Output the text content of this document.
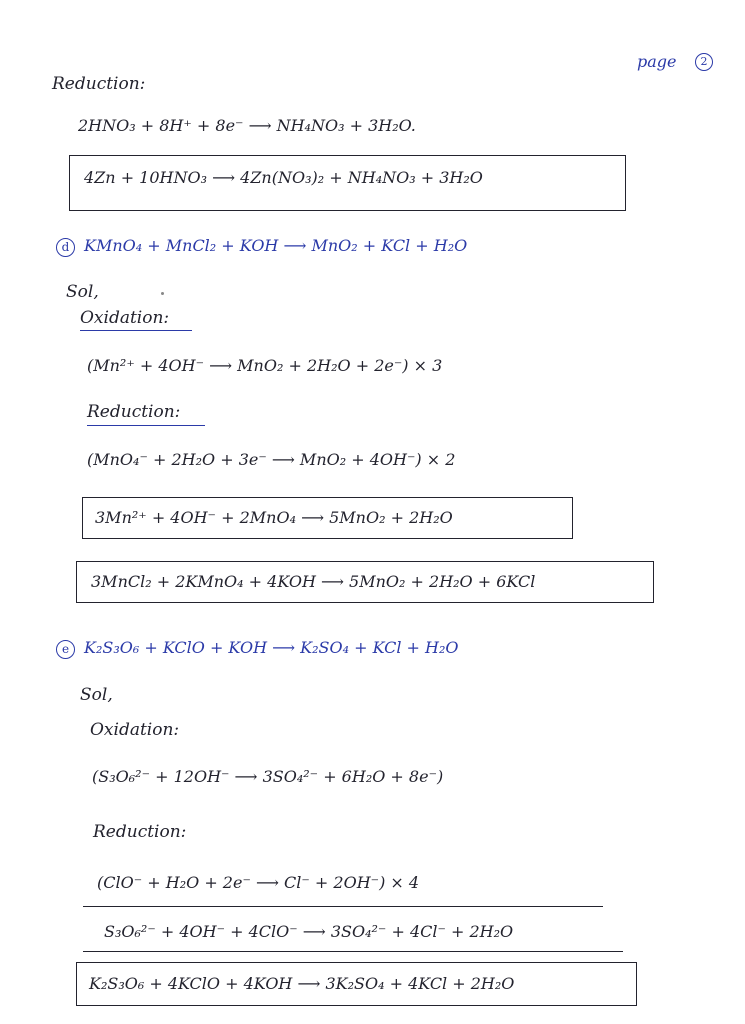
page	2
Reduction:
2HNO₃ + 8H⁺ + 8e⁻ ⟶ NH₄NO₃ + 3H₂O.
4Zn + 10HNO₃ ⟶ 4Zn(NO₃)₂ + NH₄NO₃ + 3H₂O
d KMnO₄ + MnCl₂ + KOH ⟶ MnO₂ + KCl + H₂O
Sol,
Oxidation:
(Mn²⁺ + 4OH⁻ ⟶ MnO₂ + 2H₂O + 2e⁻) × 3
Reduction:
(MnO₄⁻ + 2H₂O + 3e⁻ ⟶ MnO₂ + 4OH⁻) × 2
3Mn²⁺ + 4OH⁻ + 2MnO₄ ⟶ 5MnO₂ + 2H₂O
3MnCl₂ + 2KMnO₄ + 4KOH ⟶ 5MnO₂ + 2H₂O + 6KCl
e K₂S₃O₆ + KClO + KOH ⟶ K₂SO₄ + KCl + H₂O
Sol,
Oxidation:
(S₃O₆²⁻ + 12OH⁻ ⟶ 3SO₄²⁻ + 6H₂O + 8e⁻)
Reduction:
(ClO⁻ + H₂O + 2e⁻ ⟶ Cl⁻ + 2OH⁻) × 4
S₃O₆²⁻ + 4OH⁻ + 4ClO⁻ ⟶ 3SO₄²⁻ + 4Cl⁻ + 2H₂O
K₂S₃O₆ + 4KClO + 4KOH ⟶ 3K₂SO₄ + 4KCl + 2H₂O
